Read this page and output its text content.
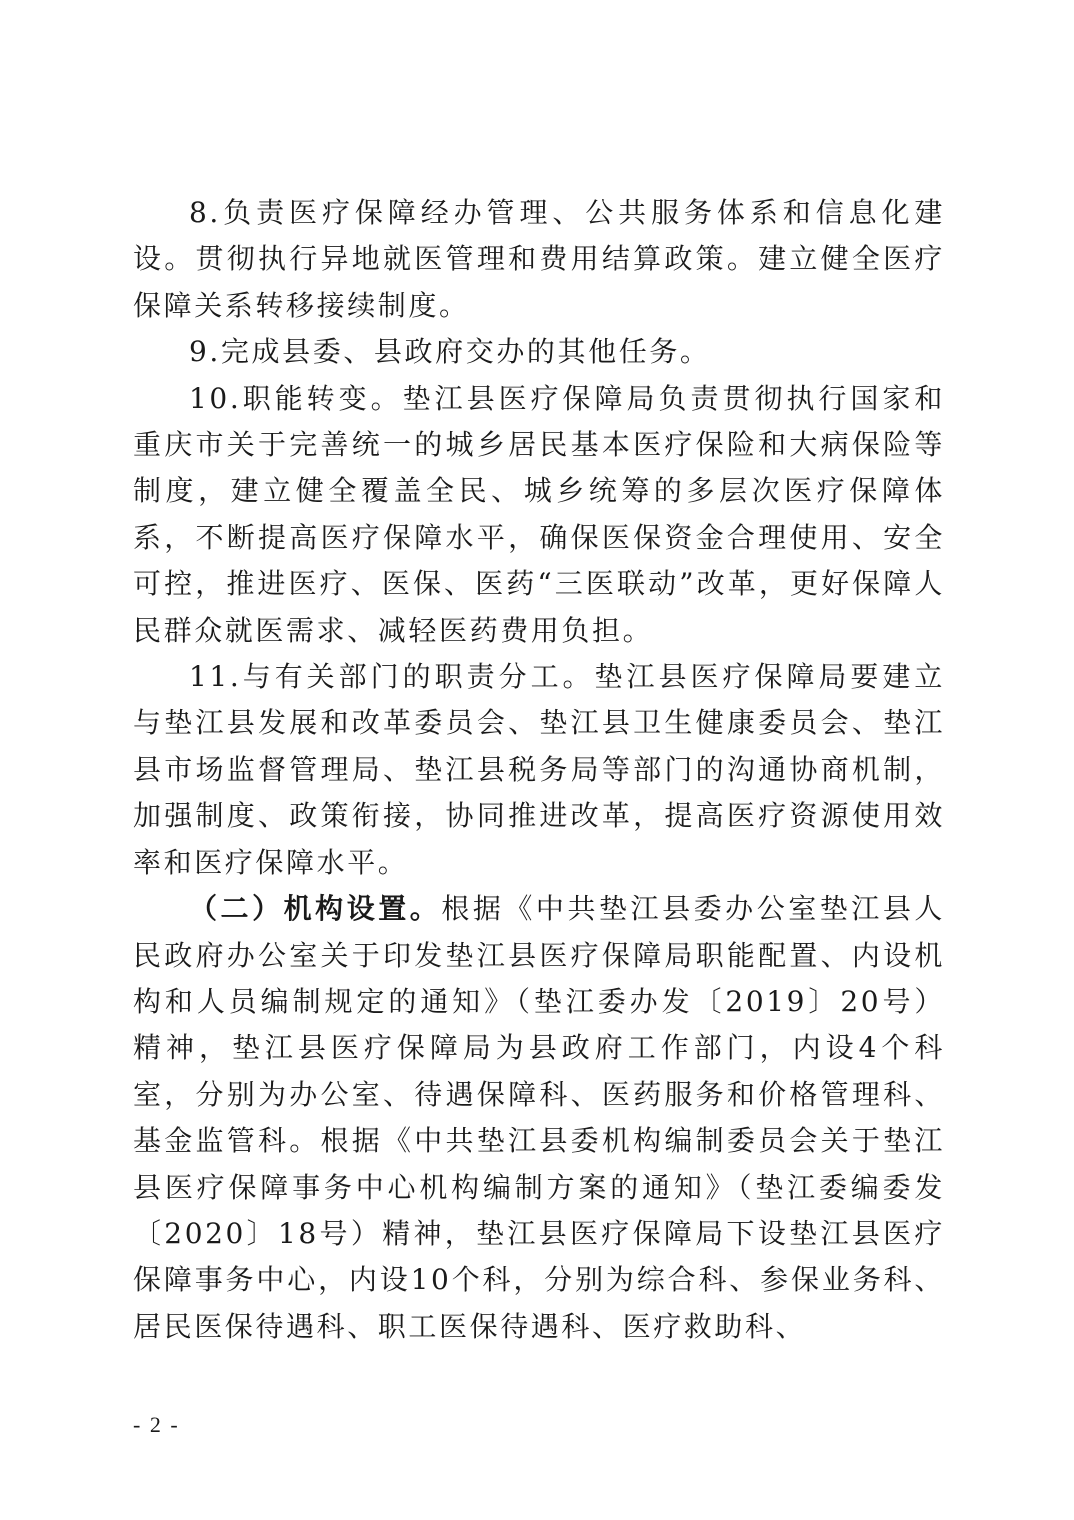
8.负责医疗保障经办管理、公共服务体系和信息化建设。贯彻执行异地就医管理和费用结算政策。建立健全医疗保障关系转移接续制度。

9.完成县委、县政府交办的其他任务。

10.职能转变。垫江县医疗保障局负责贯彻执行国家和重庆市关于完善统一的城乡居民基本医疗保险和大病保险等制度，建立健全覆盖全民、城乡统筹的多层次医疗保障体系，不断提高医疗保障水平，确保医保资金合理使用、安全可控，推进医疗、医保、医药“三医联动”改革，更好保障人民群众就医需求、减轻医药费用负担。

11.与有关部门的职责分工。垫江县医疗保障局要建立与垫江县发展和改革委员会、垫江县卫生健康委员会、垫江县市场监督管理局、垫江县税务局等部门的沟通协商机制，加强制度、政策衔接，协同推进改革，提高医疗资源使用效率和医疗保障水平。

（二）机构设置。根据《中共垫江县委办公室垫江县人民政府办公室关于印发垫江县医疗保障局职能配置、内设机构和人员编制规定的通知》（垫江委办发〔2019〕20号）精神，垫江县医疗保障局为县政府工作部门，内设4个科室，分别为办公室、待遇保障科、医药服务和价格管理科、基金监管科。根据《中共垫江县委机构编制委员会关于垫江县医疗保障事务中心机构编制方案的通知》（垫江委编委发〔2020〕18号）精神，垫江县医疗保障局下设垫江县医疗保障事务中心，内设10个科，分别为综合科、参保业务科、居民医保待遇科、职工医保待遇科、医疗救助科、

- 2 -
